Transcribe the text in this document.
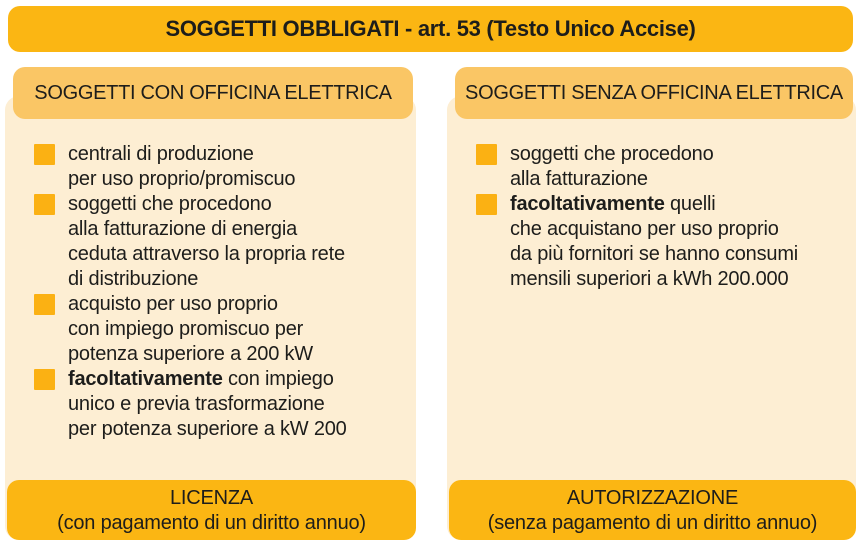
SOGGETTI OBBLIGATI - art. 53 (Testo Unico Accise)
SOGGETTI CON OFFICINA ELETTRICA
centrali di produzione
per uso proprio/promiscuo
soggetti che procedono
alla fatturazione di energia
ceduta attraverso la propria rete
di distribuzione
acquisto per uso proprio
con impiego promiscuo per
potenza superiore a 200 kW
facoltativamente con impiego
unico e previa trasformazione
per potenza superiore a kW 200
LICENZA
(con pagamento di un diritto annuo)
SOGGETTI SENZA OFFICINA ELETTRICA
soggetti che procedono
alla fatturazione
facoltativamente quelli
che acquistano per uso proprio
da più fornitori se hanno consumi
mensili superiori a kWh 200.000
AUTORIZZAZIONE
(senza pagamento di un diritto annuo)
